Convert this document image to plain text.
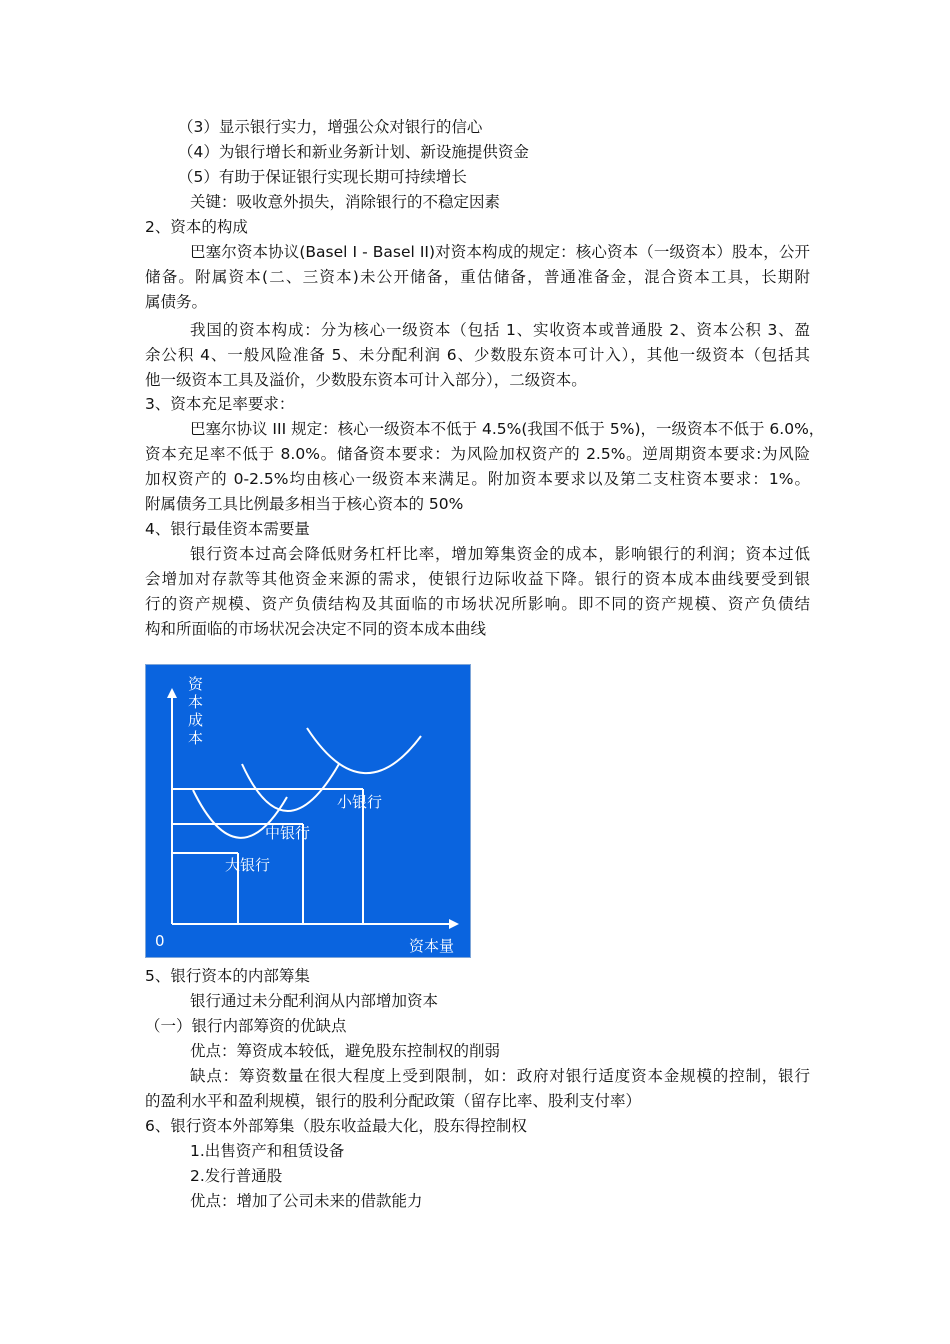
（3）显示银行实力，增强公众对银行的信心
（4）为银行增长和新业务新计划、新设施提供资金
（5）有助于保证银行实现长期可持续增长
关键：吸收意外损失，消除银行的不稳定因素
2、资本的构成
巴塞尔资本协议(Basel I - Basel II)对资本构成的规定：核心资本（一级资本）股本，公开
储备。附属资本(二、三资本)未公开储备，重估储备，普通准备金，混合资本工具，长期附
属债务。
我国的资本构成：分为核心一级资本（包括 1、实收资本或普通股 2、资本公积 3、盈
余公积 4、一般风险准备 5、未分配利润 6、少数股东资本可计入），其他一级资本（包括其
他一级资本工具及溢价，少数股东资本可计入部分），二级资本。
3、资本充足率要求：
巴塞尔协议 III 规定：核心一级资本不低于 4.5%(我国不低于 5%)，一级资本不低于 6.0%，
资本充足率不低于 8.0%。储备资本要求：为风险加权资产的 2.5%。逆周期资本要求:为风险
加权资产的 0-2.5%均由核心一级资本来满足。附加资本要求以及第二支柱资本要求：1%。
附属债务工具比例最多相当于核心资本的 50%
4、银行最佳资本需要量
银行资本过高会降低财务杠杆比率，增加筹集资金的成本，影响银行的利润；资本过低
会增加对存款等其他资金来源的需求，使银行边际收益下降。银行的资本成本曲线要受到银
行的资产规模、资产负债结构及其面临的市场状况所影响。即不同的资产规模、资产负债结
构和所面临的市场状况会决定不同的资本成本曲线
资
本
成
本
小银行
中银行
大银行
资本量
0
5、银行资本的内部筹集
银行通过未分配利润从内部增加资本
（一）银行内部筹资的优缺点
优点：筹资成本较低，避免股东控制权的削弱
缺点：筹资数量在很大程度上受到限制，如：政府对银行适度资本金规模的控制，银行
的盈利水平和盈利规模，银行的股利分配政策（留存比率、股利支付率）
6、银行资本外部筹集（股东收益最大化，股东得控制权
1.出售资产和租赁设备
2.发行普通股
优点：增加了公司未来的借款能力
